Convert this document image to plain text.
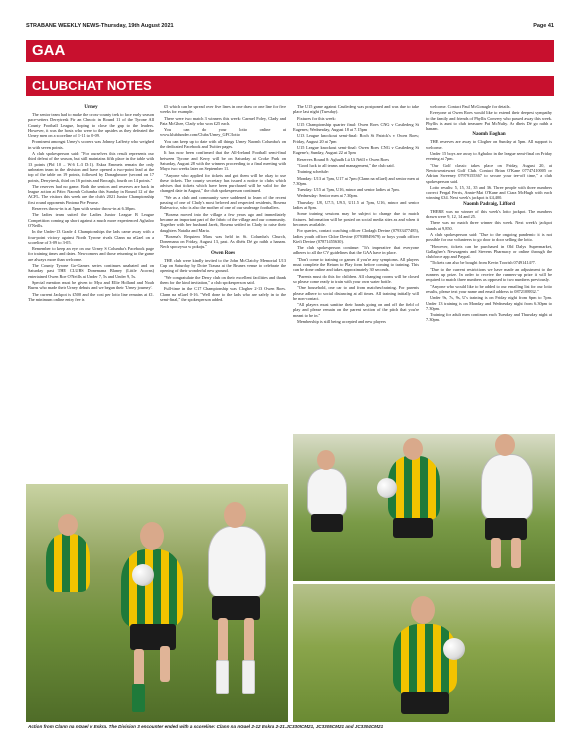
STRABANE WEEKLY NEWS-Thursday, 19th August 2021	Page 41
GAA
CLUBCHAT NOTES
Urney

The senior team had to make the cross-county trek to face early season pace-setters Derrytresk Fir an Chnoic in Round 11 of the Tyrone All County Football League, hoping to close the gap to the leaders. However, it was the hosts who were to the upsides as they defeated the Urney men on a scoreline of 1-11 to 0-09.

Prominent amongst Urney's scorers was Johnny Lafferty who weighed in with seven points.

A club spokesperson said: "For ourselves this result represents our third defeat of the season, but still maintains fifth place in the table with 13 points (Pld 10 – W:6 L:3 D:1). Eskra Emmets remain the only unbeaten team in the division and have opened a two-point lead at the top of the table on 19 points, followed by Donaghmore (second on 17 points, Derrytresk, third on 16 points and Brocagh, fourth on 14 points."

The reserves had no game. Both the seniors and reserves are back in league action at Páirc Naomh Columba this Sunday in Round 12 of the ACFL. The visitors this week are the club's 2021 Junior Championship first round opponents Fintona Pte Pearse.

Reserves throw-in is at 5pm with senior throw-in at 6.30pm.

The ladies team suited the Ladies Junior League B League Competition coming up short against a much more experienced Aghaloo O'Neills.

In the Under-13 Grade 4 Championships the lads came away with a four-point victory against North Tyrone rivals Clann na nGael on a scoreline of 3-09 to 3-05.

Remember to keep an eye on our Urney S Columba's Facebook page for training times and dates. Newcomers and those returning to the game are always more than welcome.

The County Tyrone Go-Games series continues unabated and on Saturday past THE CLUBS Donemana Blaney (Little Acorns) entertained Owen Roe O'Neills at Under 7, 5s and Under 9, 5s.

Special mention must be given to Mya and Ellie Holland and Noah Burns who made their Urney debuts and we began their 'Urney journey'.

The current Jackpot is £500 and the cost per lotto line remains at £1. The minimum online entry fee is

£5 which can be spread over five lines in one draw or one line for five weeks for example.

There were two match 3 winners this week: Carmel Foley, Clady and Pata McGhee, Clady who won £25 each.

You can do your lotto online at www.klubfunder.com/Clubs/Urney_GFC/lotto

You can keep up to date with all things Urney Naomh Columba's on the dedicated Facebook and Twitter pages.

It has now been confirmed that the All-Ireland Football semi-final between Tyrone and Kerry will be on Saturday at Croke Park on Saturday, August 28 with the winners proceeding to a final meeting with Mayo two weeks later on September 11.

"Anyone who applied for tickets and got them will be okay to use these tickets. The county secretary has issued a notice to clubs which advises that tickets which have been purchased will be valid for the changed date in August," the club spokesperson continued.

"We as a club and community were saddened to learn of the recent passing of one of Clady's most beloved and respected residents, Bosena Ruleswicz, who is also the mother of one of our underage footballers.

"Bosena moved into the village a few years ago and immediately became an important part of the fabric of the village and our community. Together with her husband Jarek, Bosena settled in Clady to raise their daughters Natalia and Maria.

"Bosena's Requiem Mass was held in St. Columba's Church, Donemana on Friday, August 13, past. As dhéis Dé go raibh a hanam. Nech spoczywa w pokoju."

Owen Roes

THE club were kindly invited to the John McClatchy Memorial U13 Cup on Saturday by Doire Trasna at the Brunes venue to celebrate the opening of their wonderful new ground.

"We congratulate the Derry club on their excellent facilities and thank them for the kind invitation," a club spokesperson said.

Full-time in the C17 Championship was Clogher 2-13 Owen Roes. Clann na nGael 0-16. "Well done to the lads who are safely in to the semi-final," the spokesperson added.

The U15 game against Castlederg was postponed and was due to take place last night (Tuesday).

Fixtures for this week:

U15 Championship quarter final: Owen Roes CNG v Castlederg St Eugenes; Wednesday, August 18 at 7.15pm

U13 League knockout semi-final: Roch St Patrick's v Owen Roes; Friday, August 20 at 7pm

U15 League knockout semi-final: Owen Roes CNG v Castlederg St Eugene's; Sunday, August 22 at 5pm

Reserves Round 8: Aghadh Lú Uí Néill v Owen Roes

"Good luck to all teams and management," the club said.

Training schedule:

Monday: U13 at 7pm, U17 at 7pm (Clann na nGael) and senior men at 7.30pm.

Tuesday: U15 at 7pm, U16, minor and senior ladies at 7pm.

Wednesday: Senior men at 7.30pm.

Thursday: U8, U7.5, U9.5, U11.5 at 7pm, U16, minor and senior ladies at 8pm.

Some training sessions may be subject to change due to match fixtures. Information will be posted on social media sites as and when it becomes available.

For queries, contact coaching officer Clodagh Devine (07933477485), ladies youth officer Chloe Devine (07938849679) or boys youth officer Kiefi Devine (07871455630).

The club spokesperson continue: "It's imperative that everyone adheres to all the CV guidelines that the GAA have in place.

"Don't come to training or games if you're any symptoms. All players must complete the Return to Play form before coming to training. This can be done online and takes approximately 30 seconds.

"Parents must do this for children. All changing rooms will be closed so please come ready to train with your own water bottle.

"One household, one car to and from matches/training. For parents please adhere to social distancing at all times. All training initially will be non-contact.

"All players must sanitise their hands going on and off the field of play and please remain on the parent section of the pitch that you're meant to be in."

Membership is still being accepted and new players

welcome. Contact Paul McGonagle for details.

Everyone at Owen Roes would like to extend their deepest sympathy to the family and friends of Phyllis Convery who passed away this week. Phyllis is aunt to club treasurer Pat McNulty. Ar dheis Dé go raibh a hanam.

Naomh Eoghan

THE reserves are away to Clogher on Sunday at 5pm. All support is welcome.

Under 15 boys are away to Aghaloo in the league semi-final on Friday evening at 7pm.

"Our Golf classic takes place on Friday, August 20, at Newtownstewart Golf Club. Contact Brian O'Kane 07747410005 or Adrian Sweeney 07979155367 to secure your tee-off time," a club spokesperson said.

Lotto results: 5, 15, 31, 35 and 36. Three people with three numbers correct Fergal Ferris, Annie-Mai O'Kane and Ciara McHugh with each winning £34. Next week's jackpot is £4,400.

Naomh Padraig, Lifford

THERE was no winner of this week's lotto jackpot. The numbers drawn were 9, 12, 14 and 25.

There was no match three winner this week. Next week's jackpot stands at 9,850.

A club spokesperson said: "Due to the ongoing pandemic it is not possible for our volunteers to go door to door selling the lotto.

"However, tickets can be purchased in Old Dalys Supermarket, Gallagher's Newsagents and Stevens Pharmacy or online through the clubforce app and Paypal.

"Tickets can also be bought from Kevin Toorish 07491414?7.

"Due to the current restrictions we have made an adjustment to the runners up prize. In order to receive the runners-up prize it will be required to match three numbers as opposed to two numbers previously.

"Anyone who would like to be added to our emailing list for our lotto results, please text your name and email address to 0872108832."

Under 9s, 7s, 9s, U's training is on Friday night from 6pm to 7pm. Under 13 training is on Monday and Wednesday night from 6.30pm to 7.30pm.

Training for adult men continues each Tuesday and Thursday night at 7.30pm.

Action from Clann na nGael v Eskra. The Division 3 encounter ended with a scoreline: Clann na nGael 2-12 Eskra 2-21.JC330ICM21, JC3305CM21 and JC3304CM21
